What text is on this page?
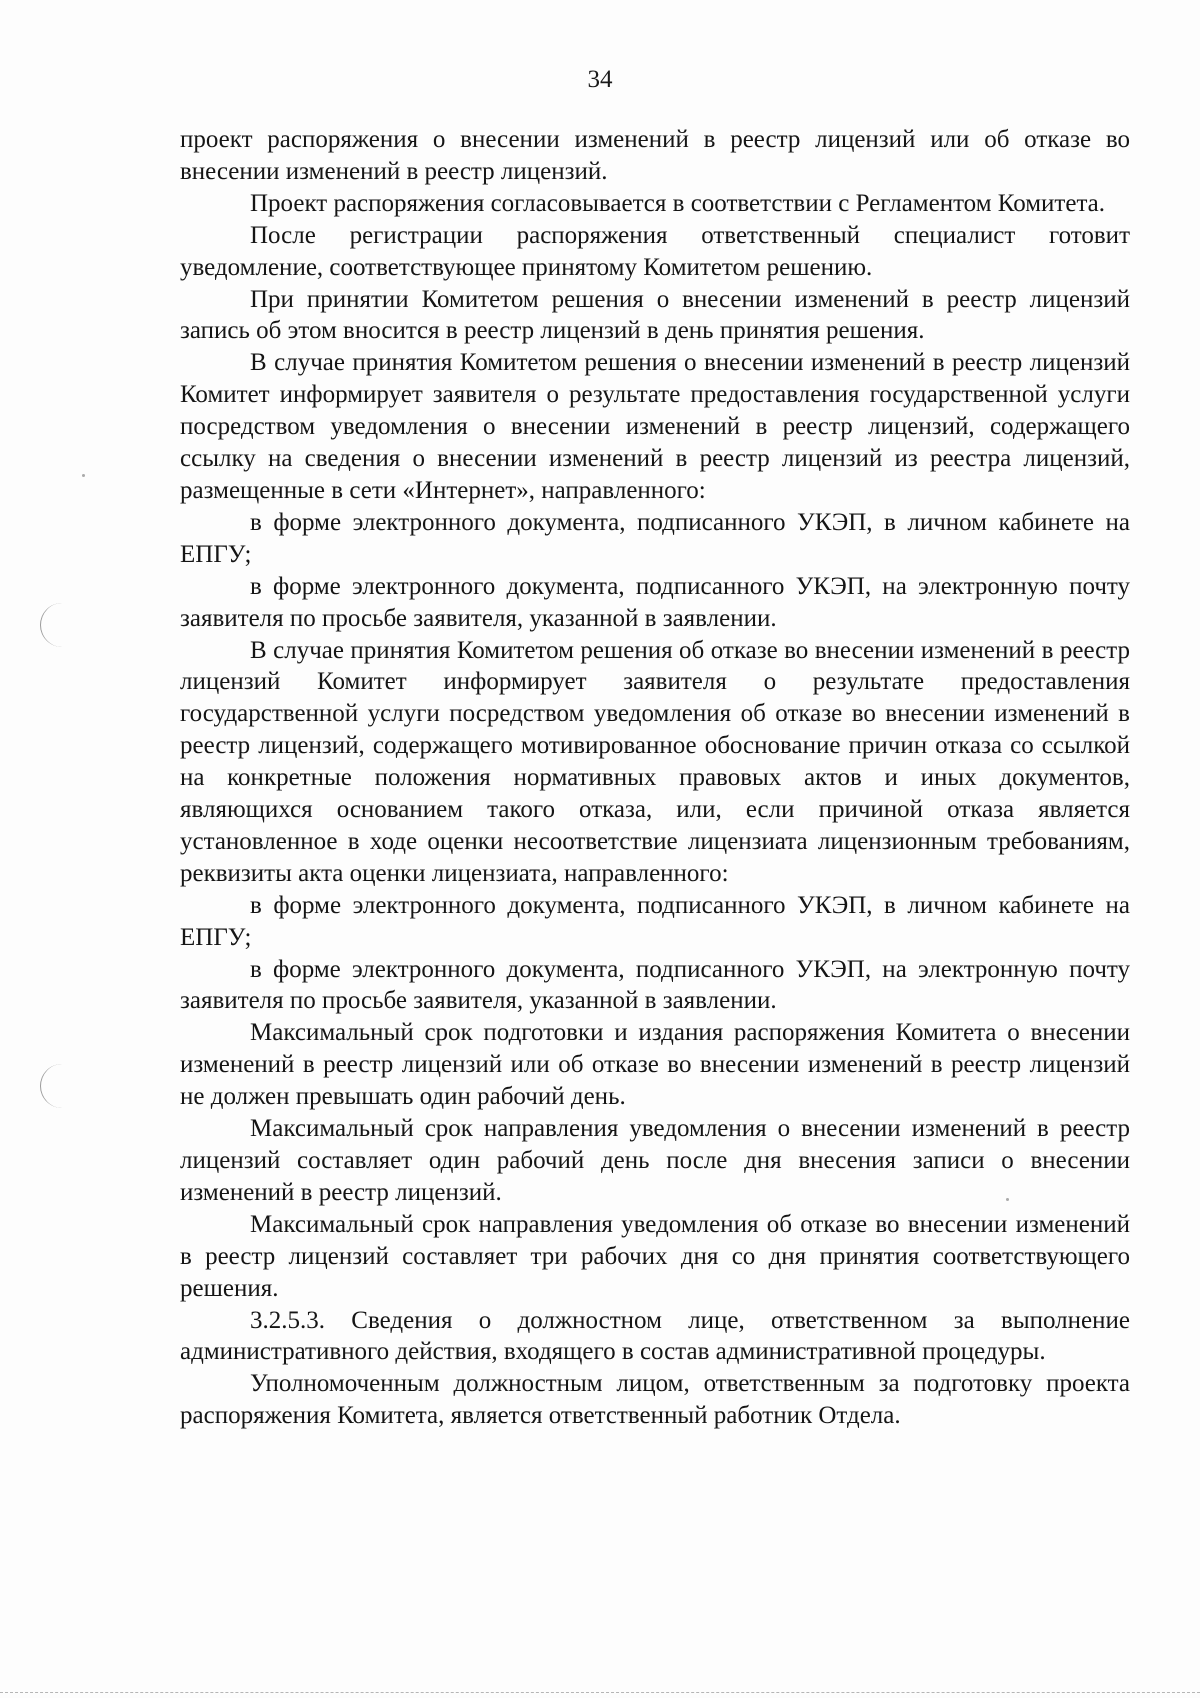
34

проект распоряжения о внесении изменений в реестр лицензий или об отказе во внесении изменений в реестр лицензий.

Проект распоряжения согласовывается в соответствии с Регламентом Комитета.

После регистрации распоряжения ответственный специалист готовит уведомление, соответствующее принятому Комитетом решению.

При принятии Комитетом решения о внесении изменений в реестр лицензий запись об этом вносится в реестр лицензий в день принятия решения.

В случае принятия Комитетом решения о внесении изменений в реестр лицензий Комитет информирует заявителя о результате предоставления государственной услуги посредством уведомления о внесении изменений в реестр лицензий, содержащего ссылку на сведения о внесении изменений в реестр лицензий из реестра лицензий, размещенные в сети «Интернет», направленного:

в форме электронного документа, подписанного УКЭП, в личном кабинете на ЕПГУ;

в форме электронного документа, подписанного УКЭП, на электронную почту заявителя по просьбе заявителя, указанной в заявлении.

В случае принятия Комитетом решения об отказе во внесении изменений в реестр лицензий Комитет информирует заявителя о результате предоставления государственной услуги посредством уведомления об отказе во внесении изменений в реестр лицензий, содержащего мотивированное обоснование причин отказа со ссылкой на конкретные положения нормативных правовых актов и иных документов, являющихся основанием такого отказа, или, если причиной отказа является установленное в ходе оценки несоответствие лицензиата лицензионным требованиям, реквизиты акта оценки лицензиата, направленного:

в форме электронного документа, подписанного УКЭП, в личном кабинете на ЕПГУ;

в форме электронного документа, подписанного УКЭП, на электронную почту заявителя по просьбе заявителя, указанной в заявлении.

Максимальный срок подготовки и издания распоряжения Комитета о внесении изменений в реестр лицензий или об отказе во внесении изменений в реестр лицензий не должен превышать один рабочий день.

Максимальный срок направления уведомления о внесении изменений в реестр лицензий составляет один рабочий день после дня внесения записи о внесении изменений в реестр лицензий.

Максимальный срок направления уведомления об отказе во внесении изменений в реестр лицензий составляет три рабочих дня со дня принятия соответствующего решения.

3.2.5.3. Сведения о должностном лице, ответственном за выполнение административного действия, входящего в состав административной процедуры.

Уполномоченным должностным лицом, ответственным за подготовку проекта распоряжения Комитета, является ответственный работник Отдела.
